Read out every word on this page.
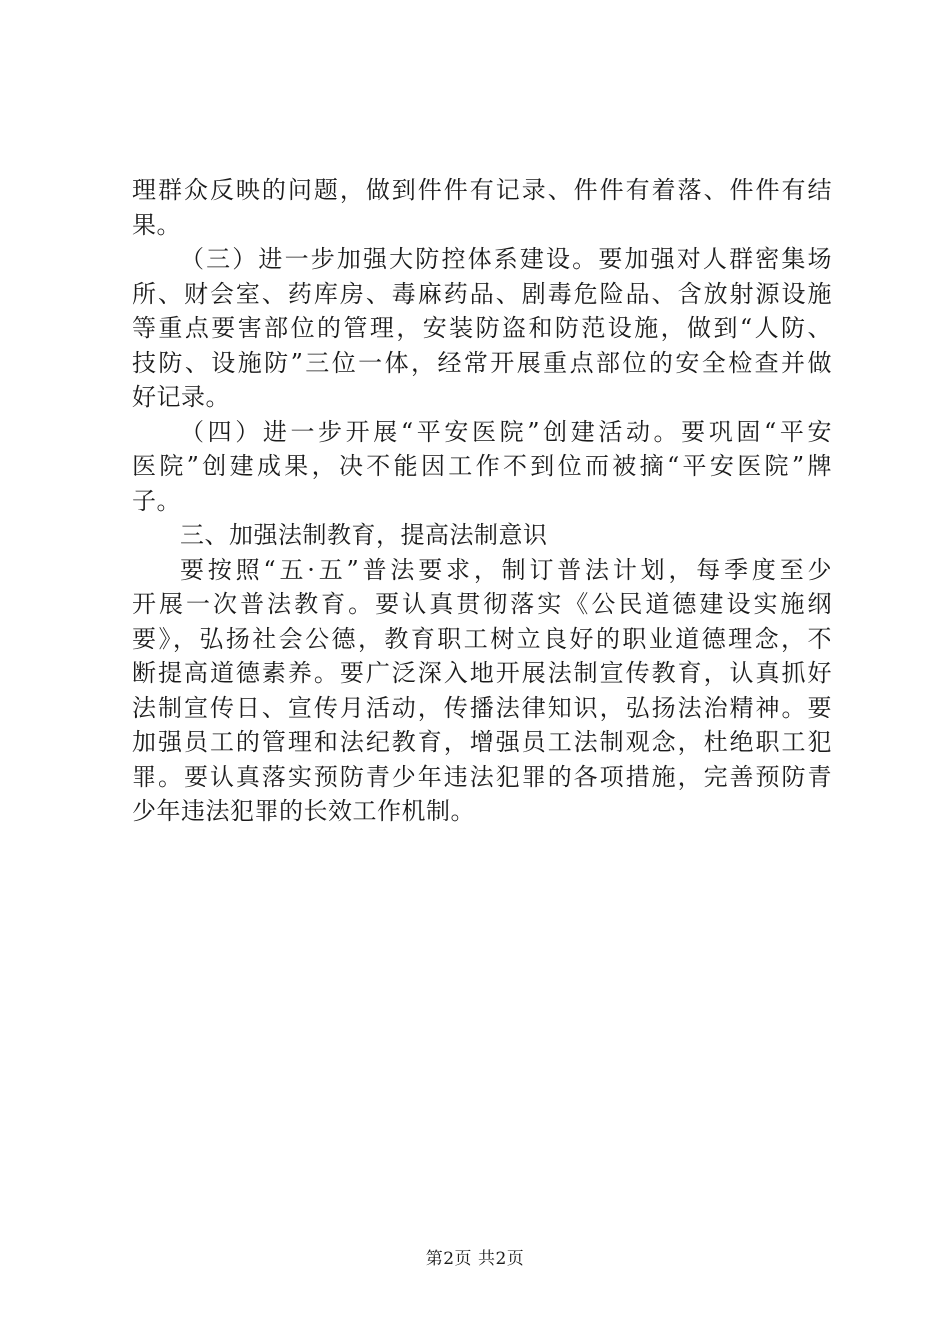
理群众反映的问题，做到件件有记录、件件有着落、件件有结
果。
（三）进一步加强大防控体系建设。要加强对人群密集场
所、财会室、药库房、毒麻药品、剧毒危险品、含放射源设施
等重点要害部位的管理，安装防盗和防范设施，做到“人防、
技防、设施防”三位一体，经常开展重点部位的安全检查并做
好记录。
（四）进一步开展“平安医院”创建活动。要巩固“平安
医院”创建成果，决不能因工作不到位而被摘“平安医院”牌
子。
三、加强法制教育，提高法制意识
要按照“五·五”普法要求，制订普法计划，每季度至少
开展一次普法教育。要认真贯彻落实《公民道德建设实施纲
要》，弘扬社会公德，教育职工树立良好的职业道德理念，不
断提高道德素养。要广泛深入地开展法制宣传教育，认真抓好
法制宣传日、宣传月活动，传播法律知识，弘扬法治精神。要
加强员工的管理和法纪教育，增强员工法制观念，杜绝职工犯
罪。要认真落实预防青少年违法犯罪的各项措施，完善预防青
少年违法犯罪的长效工作机制。
第2页 共2页
